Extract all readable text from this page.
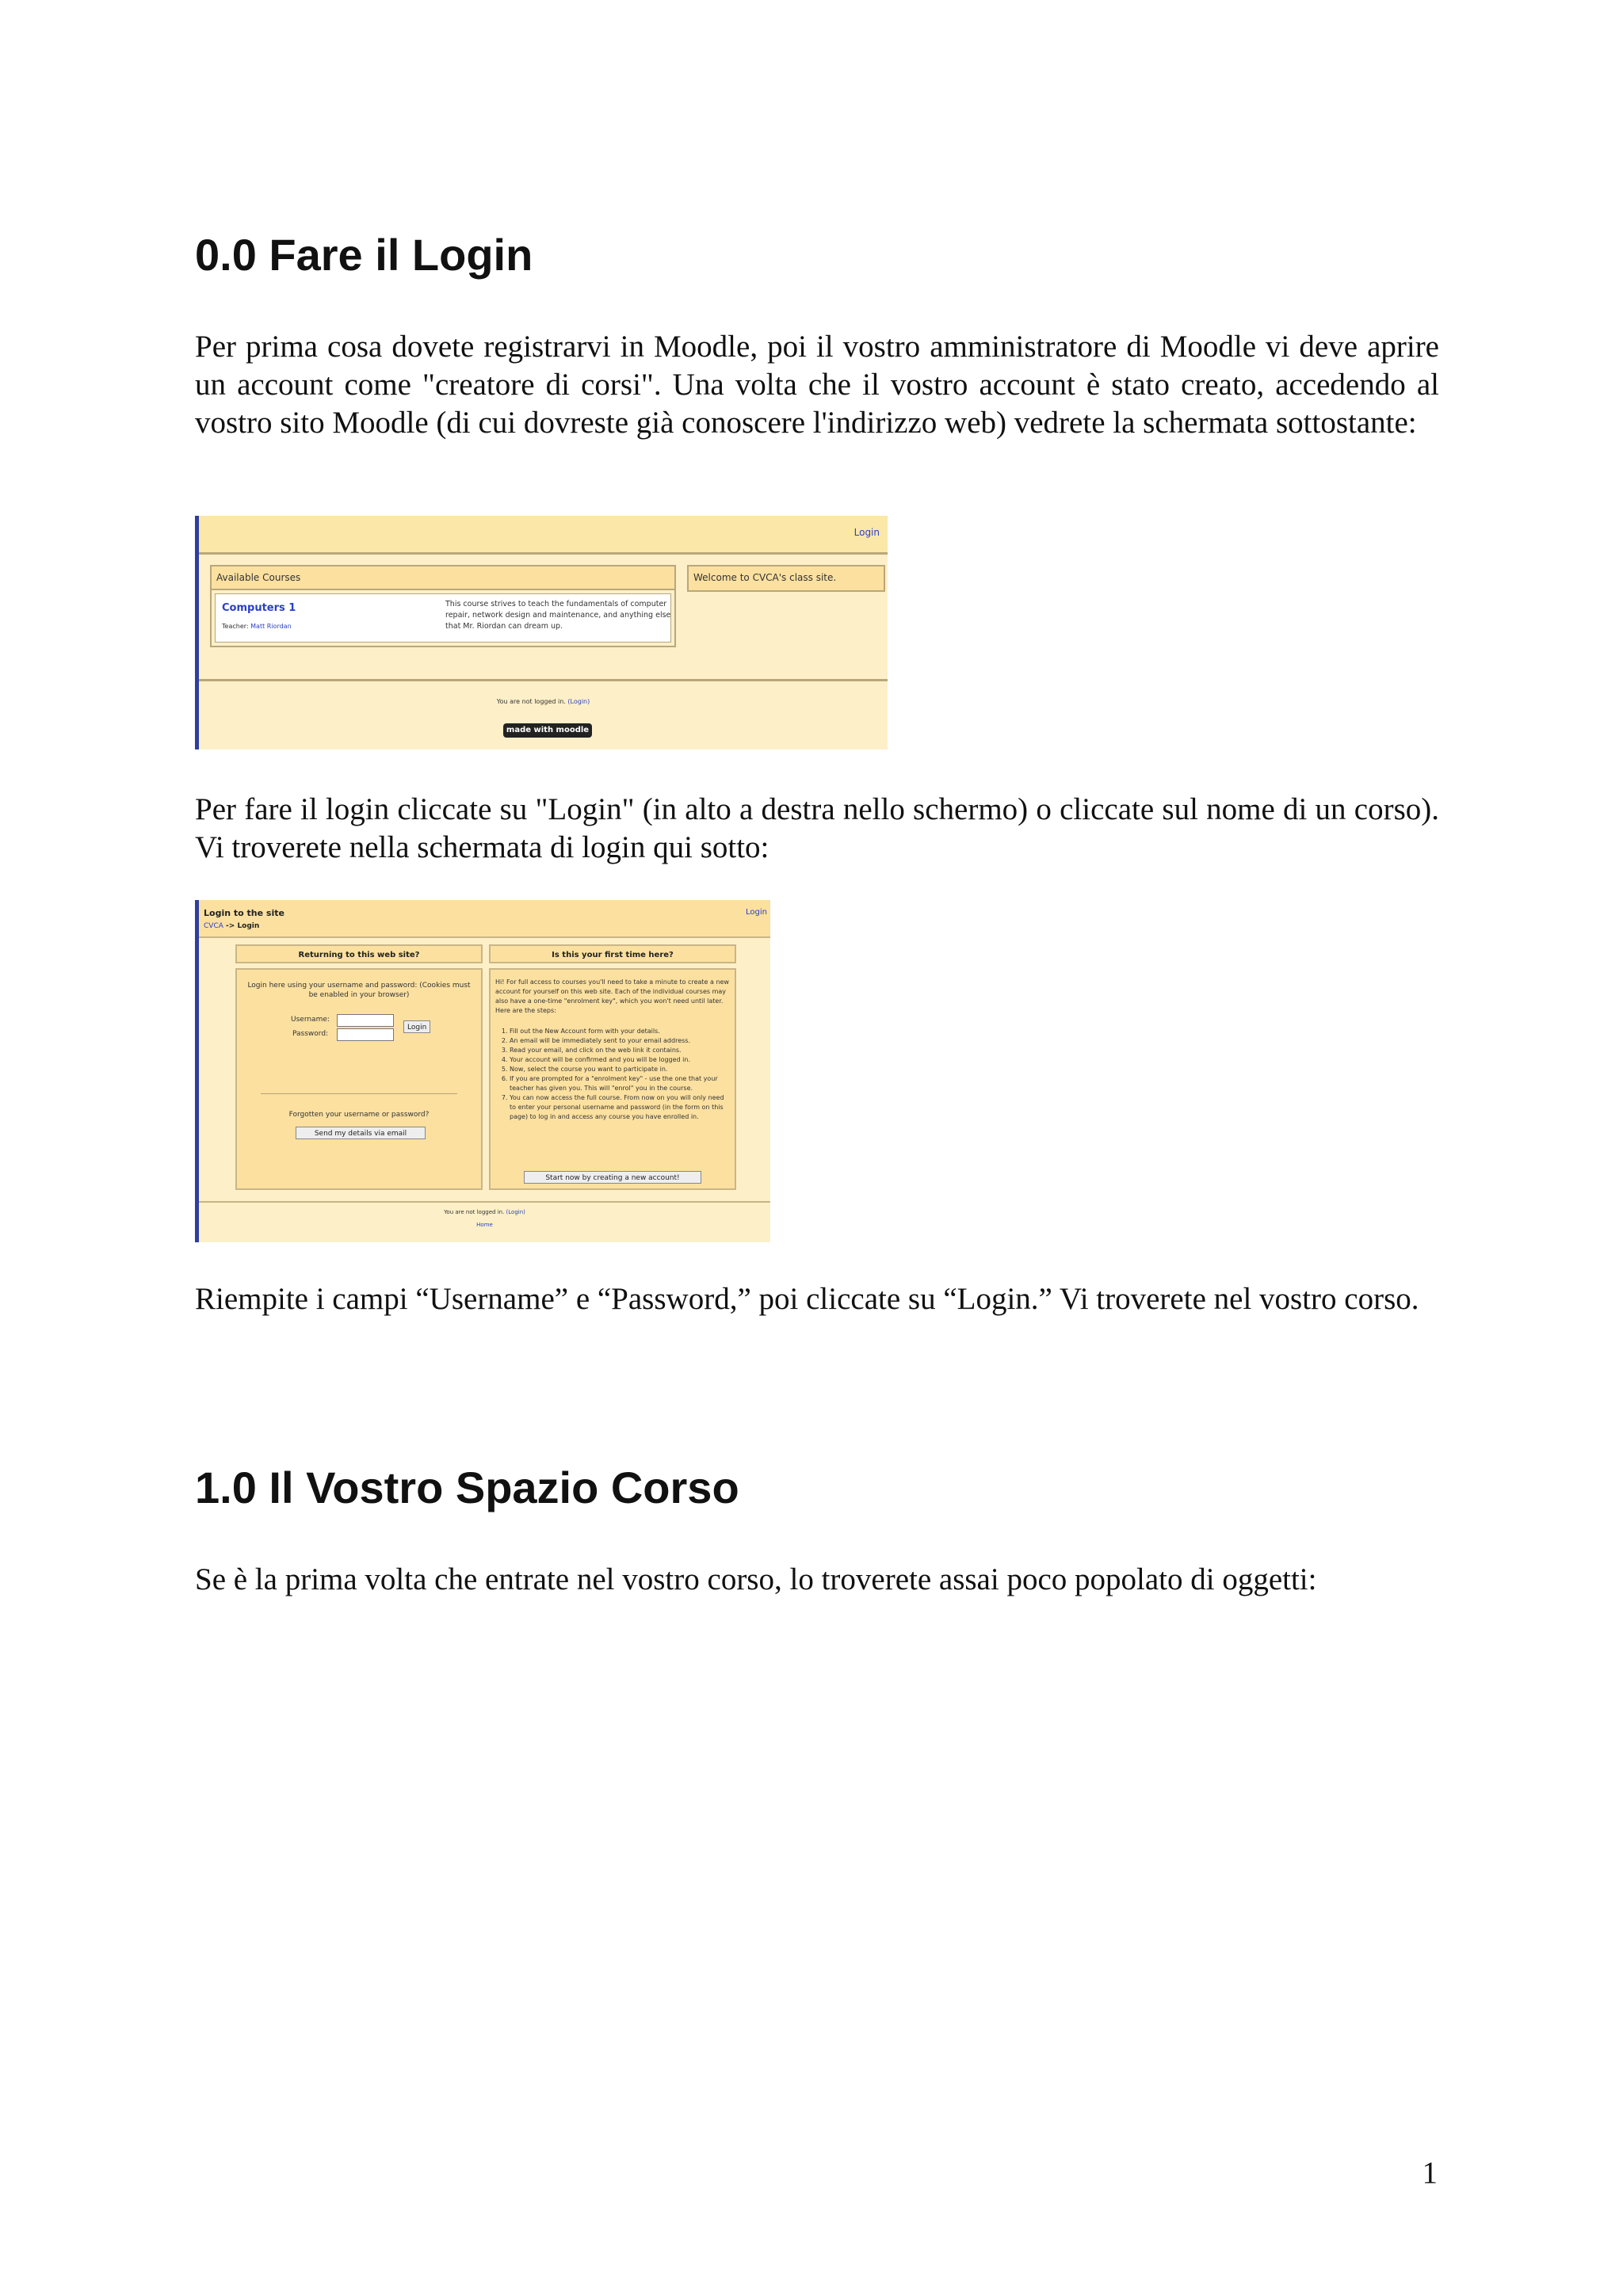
0.0 Fare il Login

Per prima cosa dovete registrarvi in Moodle, poi il vostro amministratore di Moodle vi deve aprire un account come "creatore di corsi". Una volta che il vostro account è stato creato, accedendo al vostro sito Moodle (di cui dovreste già conoscere l'indirizzo web) vedrete la schermata sottostante:

Login
Available Courses
Computers 1
Teacher: Matt Riordan
This course strives to teach the fundamentals of computer repair, network design and maintenance, and anything else that Mr. Riordan can dream up.
Welcome to CVCA's class site.
You are not logged in. (Login)
made with moodle

Per fare il login cliccate su "Login" (in alto a destra nello schermo) o cliccate sul nome di un corso). Vi troverete nella schermata di login qui sotto:

Login to the site
CVCA -> Login
Login
Returning to this web site?	Is this your first time here?
Login here using your username and password: (Cookies must be enabled in your browser)
Username:
Password:
Login
Forgotten your username or password?
Send my details via email
Hi! For full access to courses you'll need to take a minute to create a new account for yourself on this web site. Each of the individual courses may also have a one-time "enrolment key", which you won't need until later. Here are the steps:
1. Fill out the New Account form with your details.
2. An email will be immediately sent to your email address.
3. Read your email, and click on the web link it contains.
4. Your account will be confirmed and you will be logged in.
5. Now, select the course you want to participate in.
6. If you are prompted for a "enrolment key" - use the one that your teacher has given you. This will "enrol" you in the course.
7. You can now access the full course. From now on you will only need to enter your personal username and password (in the form on this page) to log in and access any course you have enrolled in.
Start now by creating a new account!
You are not logged in. (Login)
Home

Riempite i campi “Username” e “Password,” poi cliccate su “Login.” Vi troverete nel vostro corso.

1.0 Il Vostro Spazio Corso

Se è la prima volta che entrate nel vostro corso, lo troverete assai poco popolato di oggetti:

1
